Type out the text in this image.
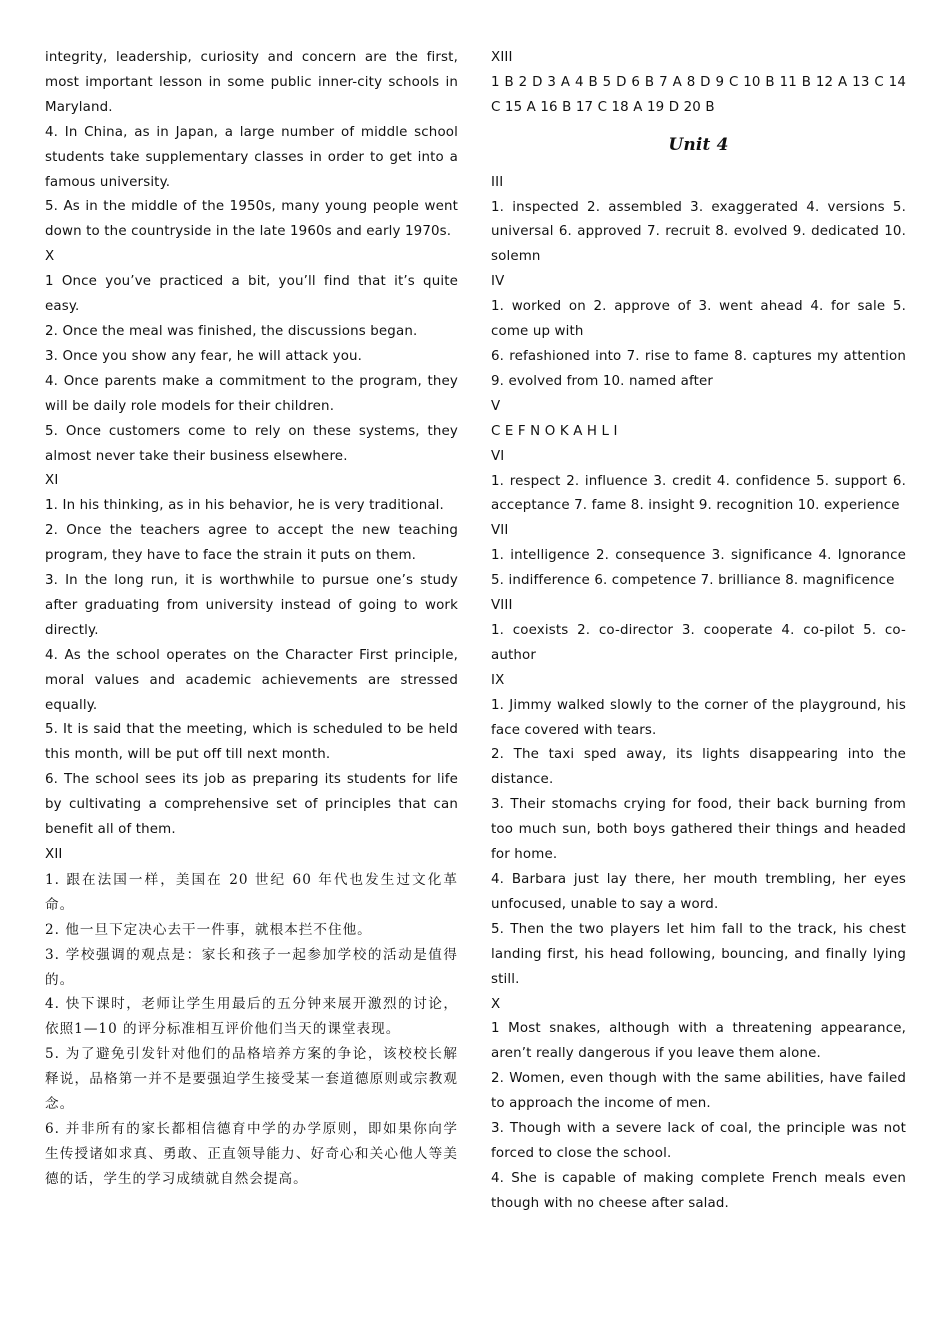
integrity, leadership, curiosity and concern are the first, most important lesson in some public inner-city schools in Maryland.
4. In China, as in Japan, a large number of middle school students take supplementary classes in order to get into a famous university.
5. As in the middle of the 1950s, many young people went down to the countryside in the late 1960s and early 1970s.
X
1 Once you’ve practiced a bit, you’ll find that it’s quite easy.
2. Once the meal was finished, the discussions began.
3. Once you show any fear, he will attack you.
4. Once parents make a commitment to the program, they will be daily role models for their children.
5. Once customers come to rely on these systems, they almost never take their business elsewhere.
XI
1. In his thinking, as in his behavior, he is very traditional.
2. Once the teachers agree to accept the new teaching program, they have to face the strain it puts on them.
3. In the long run, it is worthwhile to pursue one’s study after graduating from university instead of going to work directly.
4. As the school operates on the Character First principle, moral values and academic achievements are stressed equally.
5. It is said that the meeting, which is scheduled to be held this month, will be put off till next month.
6. The school sees its job as preparing its students for life by cultivating a comprehensive set of principles that can benefit all of them.
XII
1. 跟在法国一样，美国在 20 世纪 60 年代也发生过文化革命。
2. 他一旦下定决心去干一件事，就根本拦不住他。
3. 学校强调的观点是：家长和孩子一起参加学校的活动是值得的。
4. 快下课时，老师让学生用最后的五分钟来展开激烈的讨论，依照1—10 的评分标准相互评价他们当天的课堂表现。
5. 为了避免引发针对他们的品格培养方案的争论，该校校长解释说，品格第一并不是要强迫学生接受某一套道德原则或宗教观念。
6. 并非所有的家长都相信德育中学的办学原则，即如果你向学生传授诸如求真、勇敢、正直领导能力、好奇心和关心他人等美德的话，学生的学习成绩就自然会提高。
XIII
1 B 2 D 3 A 4 B 5 D 6 B 7 A 8 D 9 C 10 B 11 B 12 A 13 C 14 C 15 A 16 B 17 C 18 A 19 D 20 B
Unit 4
III
1. inspected 2. assembled 3. exaggerated 4. versions 5. universal 6. approved 7. recruit 8. evolved 9. dedicated 10. solemn
IV
1. worked on 2. approve of 3. went ahead 4. for sale 5. come up with
6. refashioned into 7. rise to fame 8. captures my attention 9. evolved from 10. named after
V
C E F N O K A H L I
VI
1. respect 2. influence 3. credit 4. confidence 5. support 6. acceptance 7. fame 8. insight 9. recognition 10. experience
VII
1. intelligence 2. consequence 3. significance 4. Ignorance 5. indifference 6. competence 7. brilliance 8. magnificence
VIII
1. coexists 2. co-director 3. cooperate 4. co-pilot 5. co-author
IX
1. Jimmy walked slowly to the corner of the playground, his face covered with tears.
2. The taxi sped away, its lights disappearing into the distance.
3. Their stomachs crying for food, their back burning from too much sun, both boys gathered their things and headed for home.
4. Barbara just lay there, her mouth trembling, her eyes unfocused, unable to say a word.
5. Then the two players let him fall to the track, his chest landing first, his head following, bouncing, and finally lying still.
X
1 Most snakes, although with a threatening appearance, aren’t really dangerous if you leave them alone.
2. Women, even though with the same abilities, have failed to approach the income of men.
3. Though with a severe lack of coal, the principle was not forced to close the school.
4. She is capable of making complete French meals even though with no cheese after salad.
